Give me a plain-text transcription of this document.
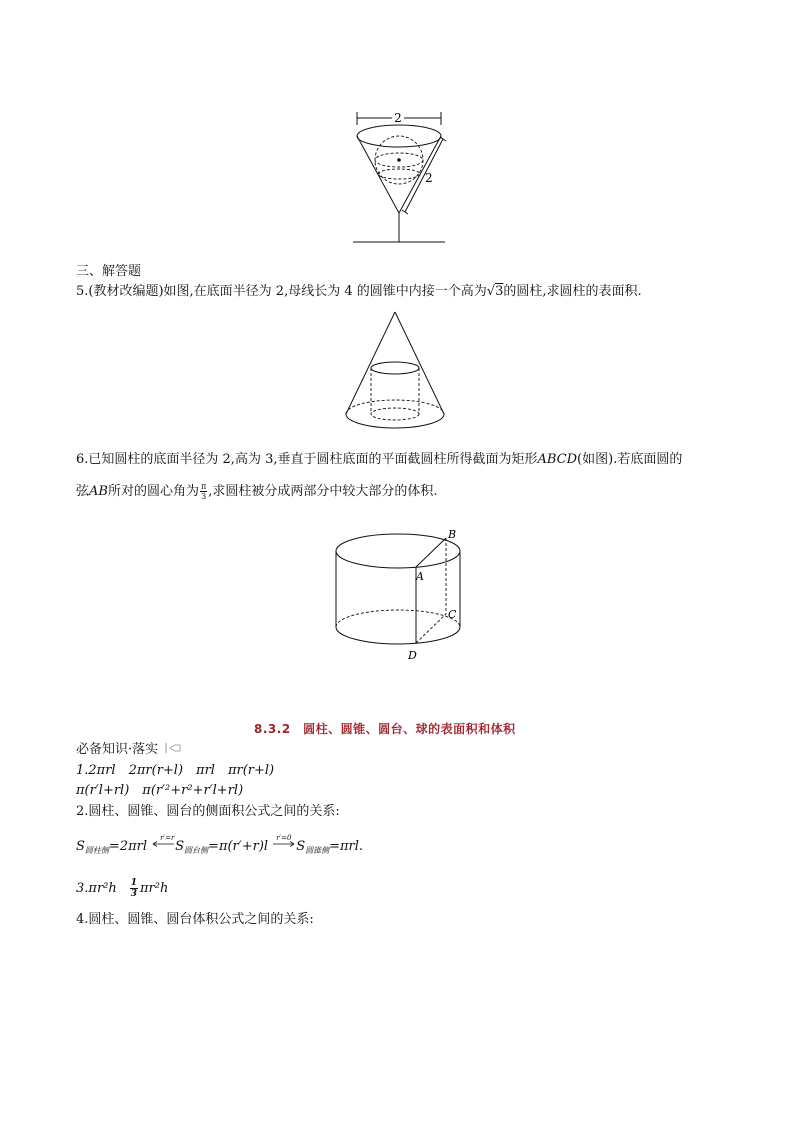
2
2
三、解答题
5.(教材改编题)如图,在底面半径为 2,母线长为 4 的圆锥中内接一个高为√3的圆柱,求圆柱的表面积.
6.已知圆柱的底面半径为 2,高为 3,垂直于圆柱底面的平面截圆柱所得截面为矩形ABCD(如图).若底面圆的
弦AB所对的圆心角为 $\frac{\pi}{3}$ ,求圆柱被分成两部分中较大部分的体积.
B
A
C
D
8.3.2　圆柱、圆锥、圆台、球的表面积和体积
必备知识·落实
1.2πrl　2πr(r+l)　πrl　πr(r+l)
π(r′l+rl)　π(r′²+r²+r′l+rl)
2.圆柱、圆锥、圆台的侧面积公式之间的关系:
$S_{圆柱侧}=2\pi rl$
r′=r
$S_{圆台侧}=\pi(r'+r)l$
r′=0
$S_{圆锥侧}=\pi rl$.
3.πr²h　 $\frac{1}{3} \pi r^2h$
4.圆柱、圆锥、圆台体积公式之间的关系:
